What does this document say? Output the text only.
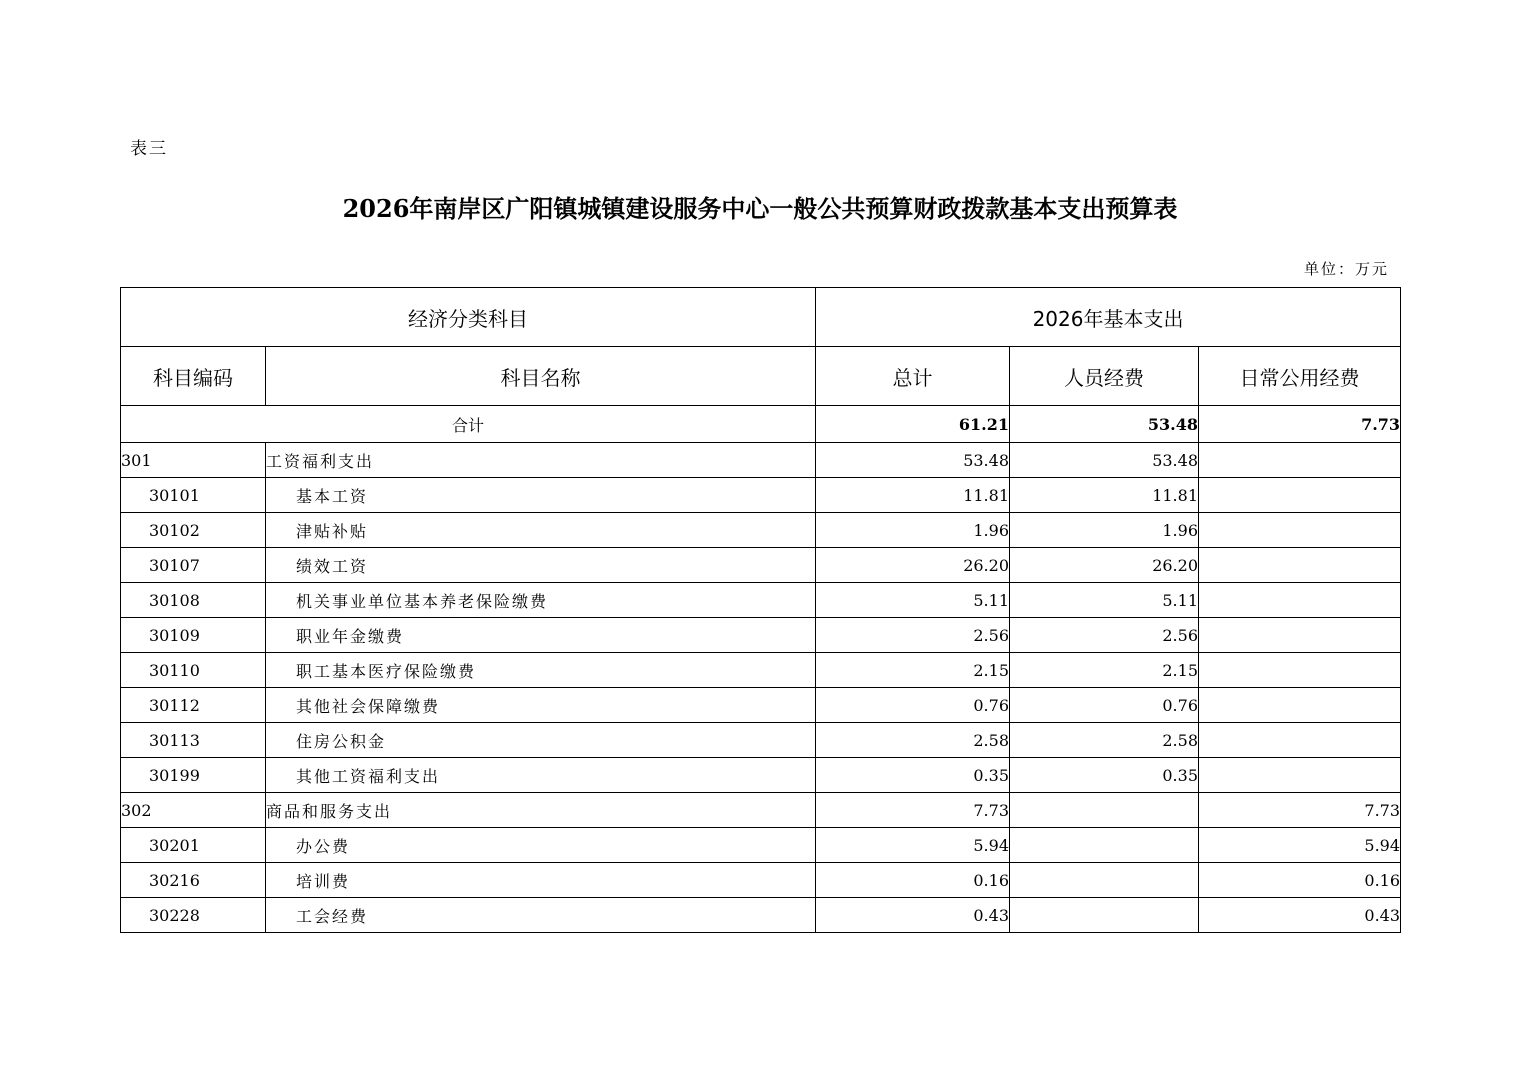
表三
2026年南岸区广阳镇城镇建设服务中心一般公共预算财政拨款基本支出预算表
单位：万元
经济分类科目		2026年基本支出		
科目编码	科目名称	总计	人员经费	日常公用经费
合计		61.21	53.48	7.73
301	工资福利支出	53.48	53.48	
30101	基本工资	11.81	11.81	
30102	津贴补贴	1.96	1.96	
30107	绩效工资	26.20	26.20	
30108	机关事业单位基本养老保险缴费	5.11	5.11	
30109	职业年金缴费	2.56	2.56	
30110	职工基本医疗保险缴费	2.15	2.15	
30112	其他社会保障缴费	0.76	0.76	
30113	住房公积金	2.58	2.58	
30199	其他工资福利支出	0.35	0.35	
302	商品和服务支出	7.73		7.73
30201	办公费	5.94		5.94
30216	培训费	0.16		0.16
30228	工会经费	0.43		0.43
